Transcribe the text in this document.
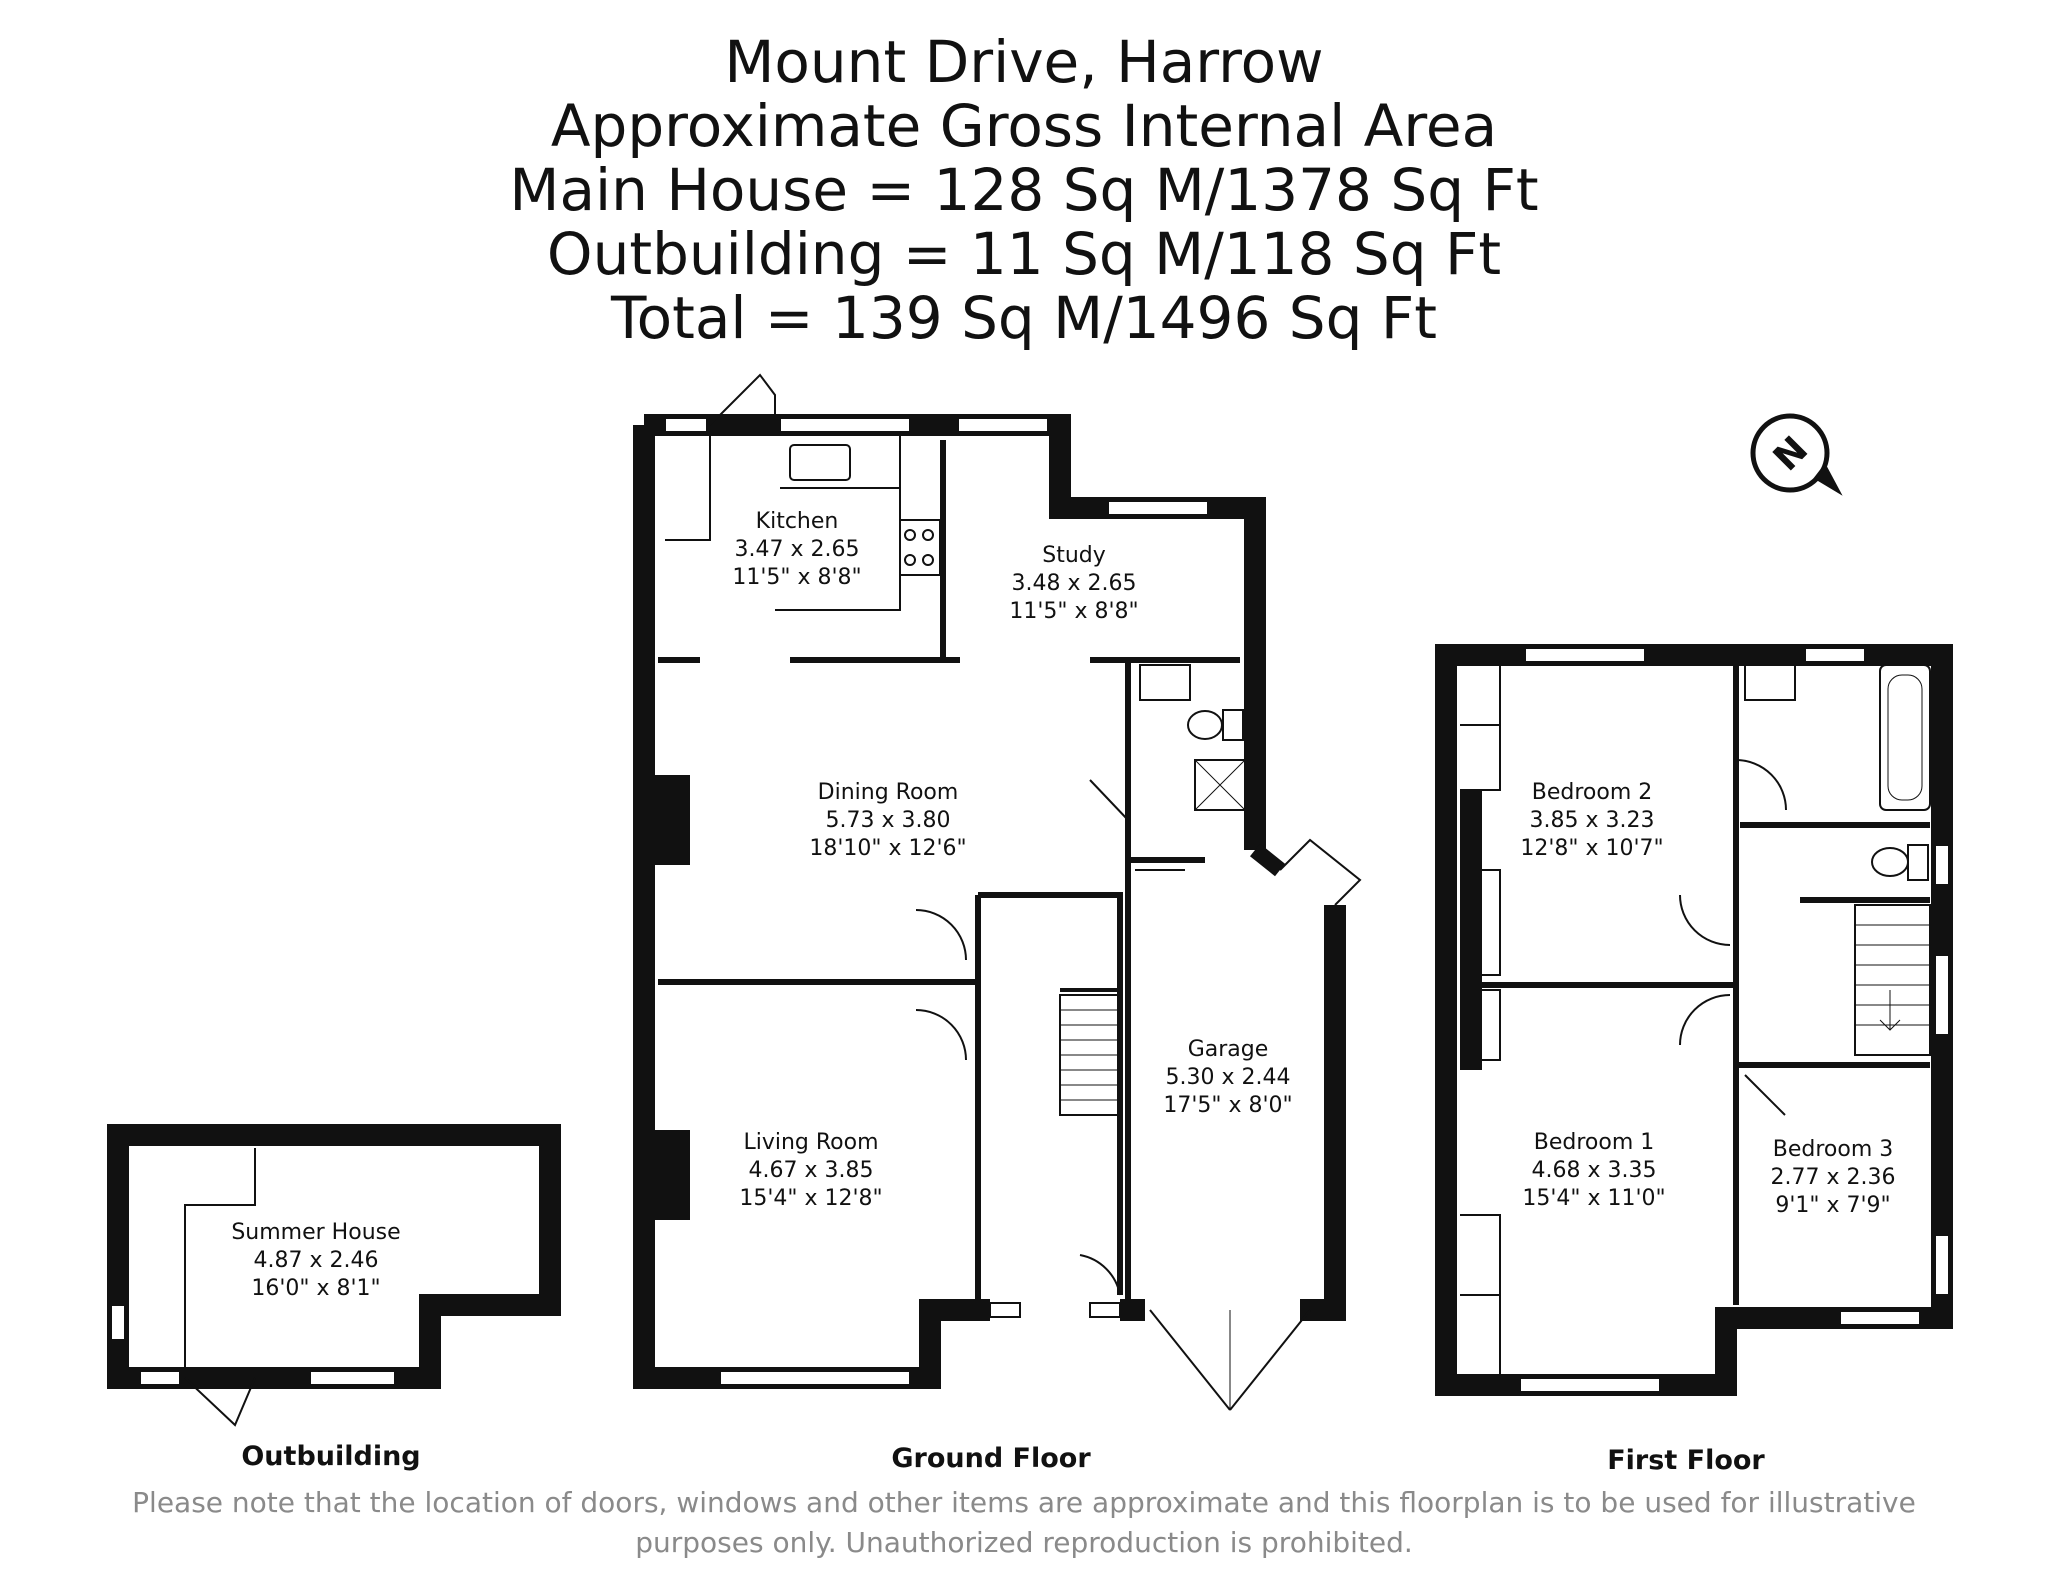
Mount Drive, Harrow
Approximate Gross Internal Area
Main House = 128 Sq M/1378 Sq Ft
Outbuilding = 11 Sq M/118 Sq Ft
Total = 139 Sq M/1496 Sq Ft
N
Kitchen
3.47 x 2.65
11'5" x 8'8"
Study
3.48 x 2.65
11'5" x 8'8"
Dining Room
5.73 x 3.80
18'10" x 12'6"
Living Room
4.67 x 3.85
15'4" x 12'8"
Garage
5.30 x 2.44
17'5" x 8'0"
Summer House
4.87 x 2.46
16'0" x 8'1"
Bedroom 2
3.85 x 3.23
12'8" x 10'7"
Bedroom 1
4.68 x 3.35
15'4" x 11'0"
Bedroom 3
2.77 x 2.36
9'1" x 7'9"
Outbuilding	Ground Floor	First Floor
Please note that the location of doors, windows and other items are approximate and this floorplan is to be used for illustrative
purposes only. Unauthorized reproduction is prohibited.
